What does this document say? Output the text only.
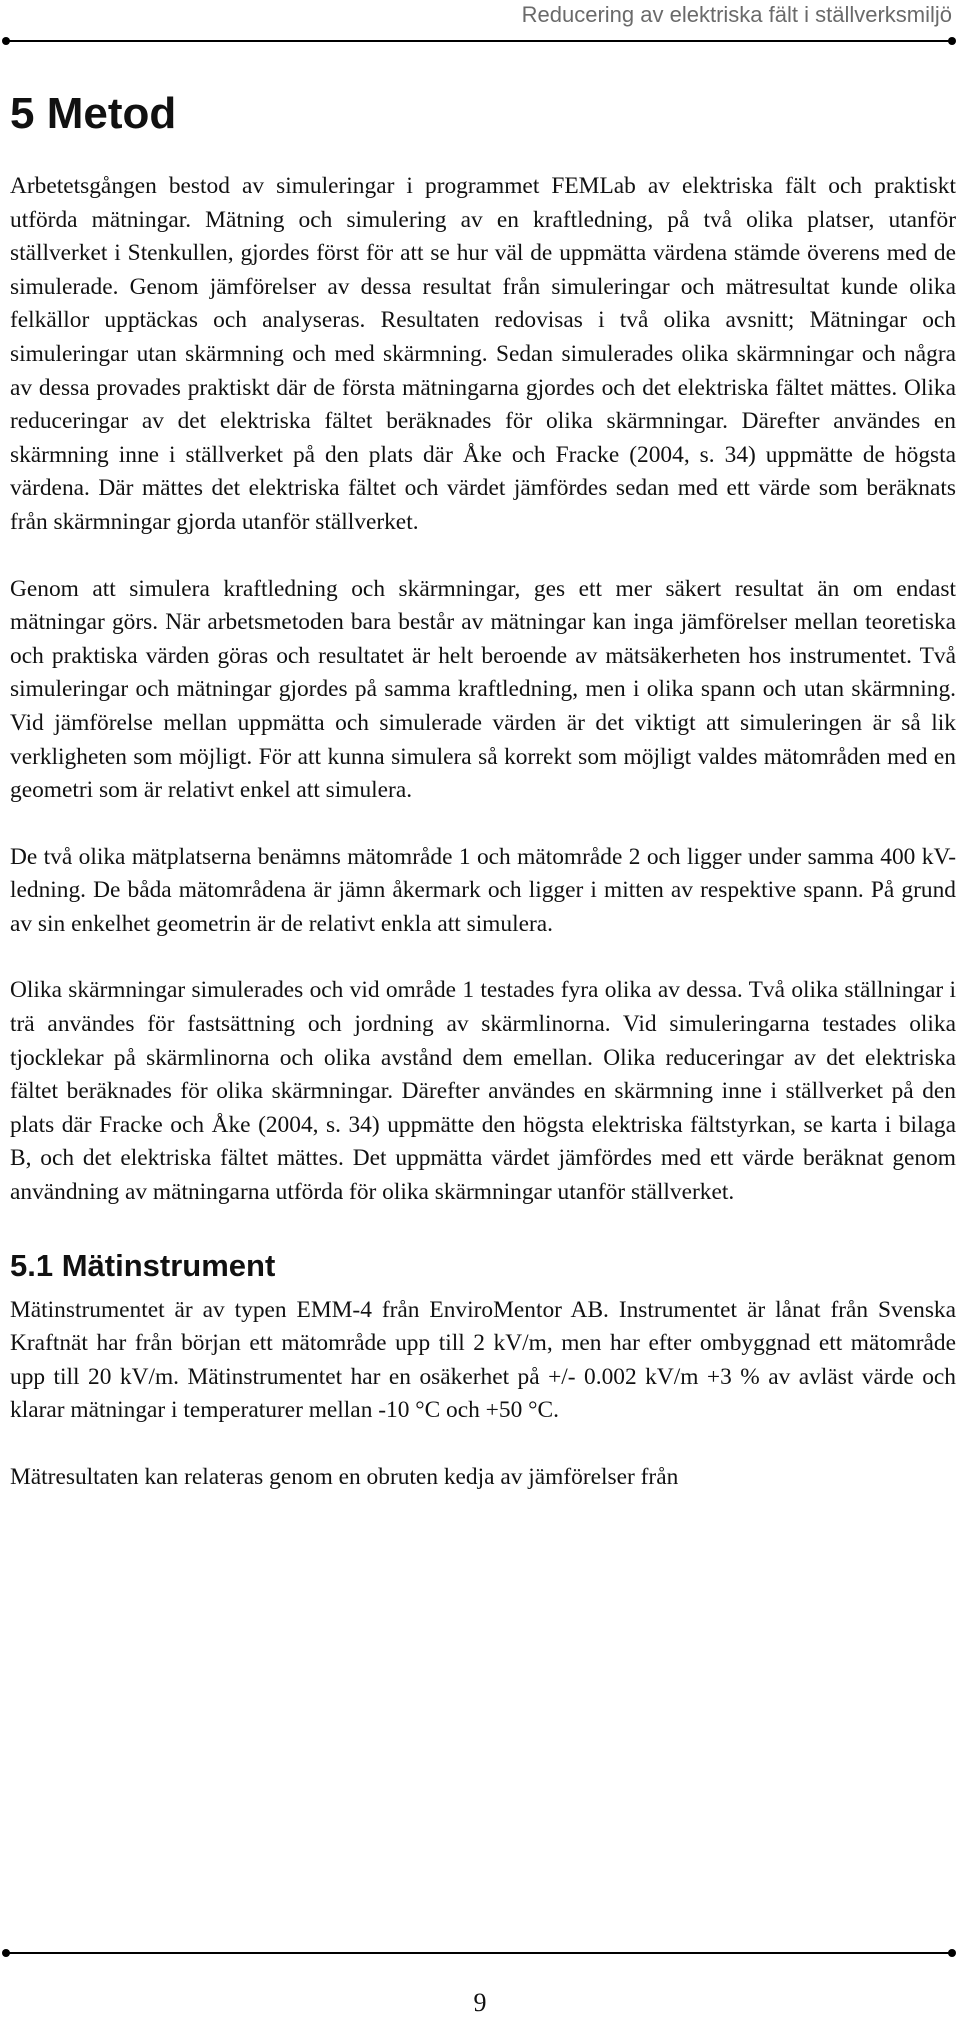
Reducering av elektriska fält i ställverksmiljö
5 Metod

Arbetetsgången bestod av simuleringar i programmet FEMLab av elektriska fält och praktiskt utförda mätningar. Mätning och simulering av en kraftledning, på två olika platser, utanför ställverket i Stenkullen, gjordes först för att se hur väl de uppmätta värdena stämde överens med de simulerade. Genom jämförelser av dessa resultat från simuleringar och mätresultat kunde olika felkällor upptäckas och analyseras. Resultaten redovisas i två olika avsnitt; Mätningar och simuleringar utan skärmning och med skärmning. Sedan simulerades olika skärmningar och några av dessa provades praktiskt där de första mätningarna gjordes och det elektriska fältet mättes. Olika reduceringar av det elektriska fältet beräknades för olika skärmningar. Därefter användes en skärmning inne i ställverket på den plats där Åke och Fracke (2004, s. 34) uppmätte de högsta värdena. Där mättes det elektriska fältet och värdet jämfördes sedan med ett värde som beräknats från skärmningar gjorda utanför ställverket.

Genom att simulera kraftledning och skärmningar, ges ett mer säkert resultat än om endast mätningar görs. När arbetsmetoden bara består av mätningar kan inga jämförelser mellan teoretiska och praktiska värden göras och resultatet är helt beroende av mätsäkerheten hos instrumentet. Två simuleringar och mätningar gjordes på samma kraftledning, men i olika spann och utan skärmning. Vid jämförelse mellan uppmätta och simulerade värden är det viktigt att simuleringen är så lik verkligheten som möjligt. För att kunna simulera så korrekt som möjligt valdes mätområden med en geometri som är relativt enkel att simulera.

De två olika mätplatserna benämns mätområde 1 och mätområde 2 och ligger under samma 400 kV-ledning. De båda mätområdena är jämn åkermark och ligger i mitten av respektive spann. På grund av sin enkelhet geometrin är de relativt enkla att simulera.

Olika skärmningar simulerades och vid område 1 testades fyra olika av dessa. Två olika ställningar i trä användes för fastsättning och jordning av skärmlinorna. Vid simuleringarna testades olika tjocklekar på skärmlinorna och olika avstånd dem emellan. Olika reduceringar av det elektriska fältet beräknades för olika skärmningar. Därefter användes en skärmning inne i ställverket på den plats där Fracke och Åke (2004, s. 34) uppmätte den högsta elektriska fältstyrkan, se karta i bilaga B, och det elektriska fältet mättes. Det uppmätta värdet jämfördes med ett värde beräknat genom användning av mätningarna utförda för olika skärmningar utanför ställverket.

5.1 Mätinstrument

Mätinstrumentet är av typen EMM-4 från EnviroMentor AB. Instrumentet är lånat från Svenska Kraftnät har från början ett mätområde upp till 2 kV/m, men har efter ombyggnad ett mätområde upp till 20 kV/m. Mätinstrumentet har en osäkerhet på +/- 0.002 kV/m +3 % av avläst värde och klarar mätningar i temperaturer mellan -10 °C och +50 °C.

Mätresultaten kan relateras genom en obruten kedja av jämförelser från

9
